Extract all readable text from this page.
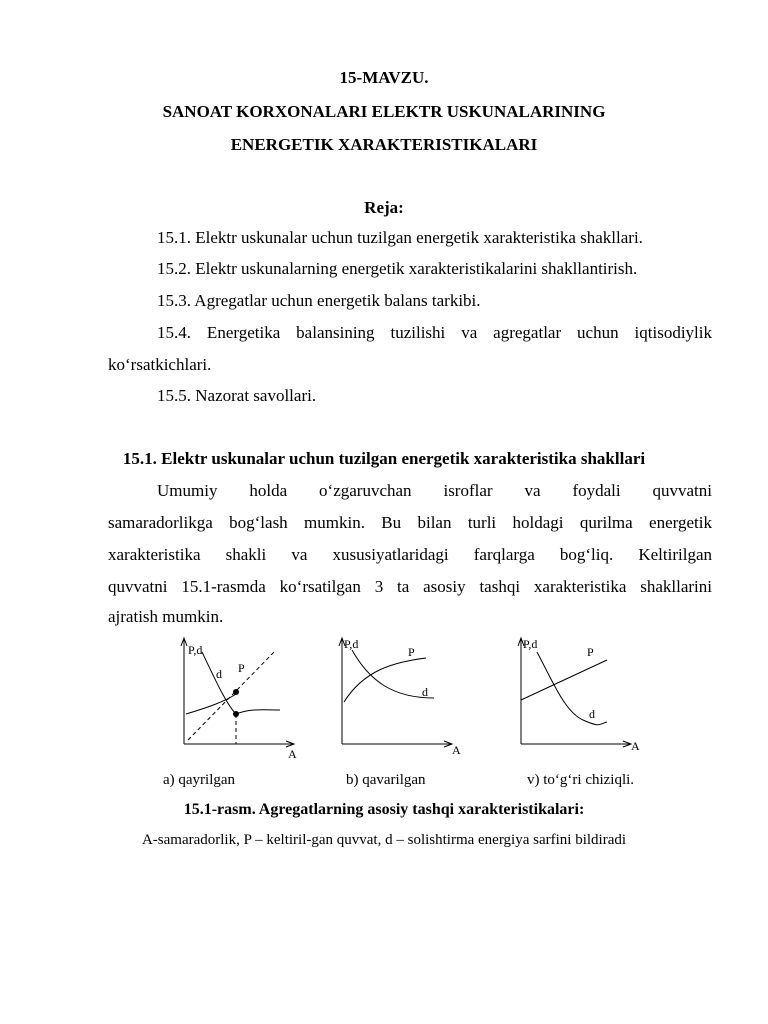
15-MAVZU.
SANOAT KORXONALARI ELEKTR USKUNALARINING
ENERGETIK XARAKTERISTIKALARI
Reja:
15.1. Elektr uskunalar uchun tuzilgan energetik xarakteristika shakllari.
15.2. Elektr uskunalarning energetik xarakteristikalarini shakllantirish.
15.3. Agregatlar uchun energetik balans tarkibi.
15.4. Energetika balansining tuzilishi va agregatlar uchun iqtisodiylik
ko‘rsatkichlari.
15.5. Nazorat savollari.
15.1. Elektr uskunalar uchun tuzilgan energetik xarakteristika shakllari
Umumiy holda o‘zgaruvchan isroflar va foydali quvvatni
samaradorlikga bog‘lash mumkin. Bu bilan turli holdagi qurilma energetik
xarakteristika shakli va xususiyatlaridagi farqlarga bog‘liq. Keltirilgan
quvvatni 15.1-rasmda ko‘rsatilgan 3 ta asosiy tashqi xarakteristika shakllarini
ajratish mumkin.
P,d
A
d P
P,d
A
P
d
P,d
A
P
d
a) qayrilgan	b) qavarilgan	v) to‘g‘ri chiziqli.
15.1-rasm. Agregatlarning asosiy tashqi xarakteristikalari:
A-samaradorlik, P – keltiril-gan quvvat, d – solishtirma energiya sarfini bildiradi
